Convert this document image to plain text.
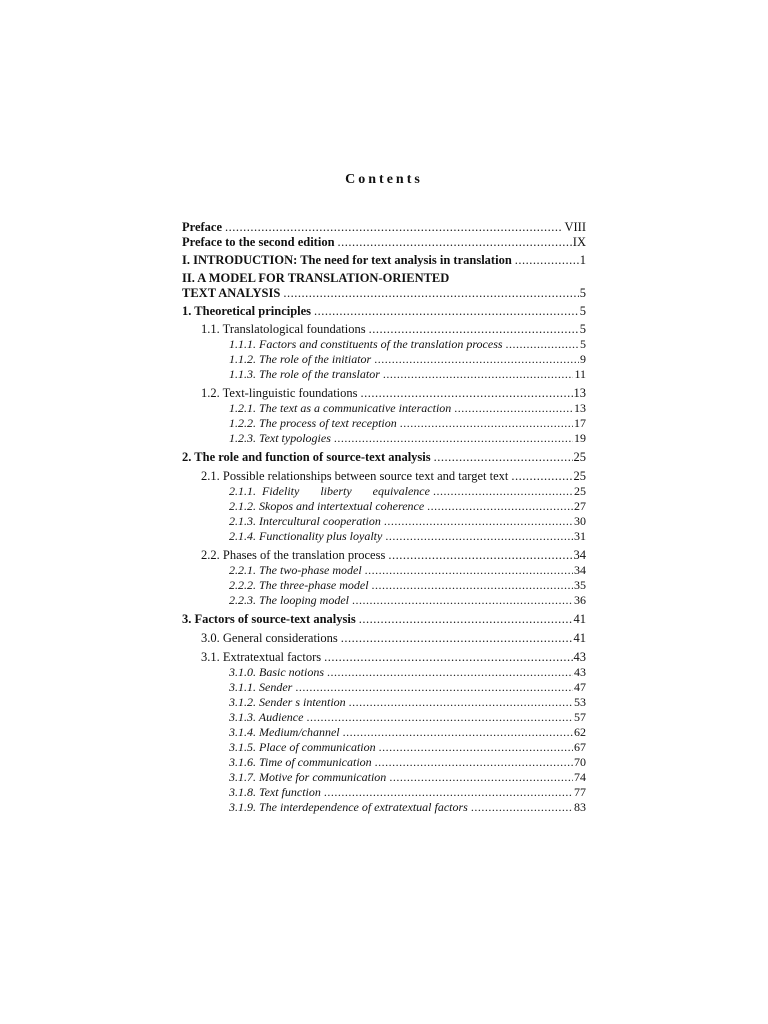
Contents
Preface .....	VIII
Preface to the second edition .....	IX
I. INTRODUCTION: The need for text analysis in translation .....	1
II. A MODEL FOR TRANSLATION-ORIENTED
TEXT ANALYSIS .....	5
1. Theoretical principles .....	5
1.1. Translatological foundations .....	5
1.1.1. Factors and constituents of the translation process .....	5
1.1.2. The role of the initiator .....	9
1.1.3. The role of the translator .....	11
1.2. Text-linguistic foundations .....	13
1.2.1. The text as a communicative interaction .....	13
1.2.2. The process of text reception .....	17
1.2.3. Text typologies .....	19
2. The role and function of source-text analysis .....	25
2.1. Possible relationships between source text and target text .....	25
2.1.1.  Fidelity       liberty       equivalence .....	25
2.1.2. Skopos and intertextual coherence .....	27
2.1.3. Intercultural cooperation .....	30
2.1.4. Functionality plus loyalty .....	31
2.2. Phases of the translation process .....	34
2.2.1. The two-phase model .....	34
2.2.2. The three-phase model .....	35
2.2.3. The looping model .....	36
3. Factors of source-text analysis .....	41
3.0. General considerations .....	41
3.1. Extratextual factors .....	43
3.1.0. Basic notions .....	43
3.1.1. Sender .....	47
3.1.2. Sender s intention .....	53
3.1.3. Audience .....	57
3.1.4. Medium/channel .....	62
3.1.5. Place of communication .....	67
3.1.6. Time of communication .....	70
3.1.7. Motive for communication .....	74
3.1.8. Text function .....	77
3.1.9. The interdependence of extratextual factors .....	83
